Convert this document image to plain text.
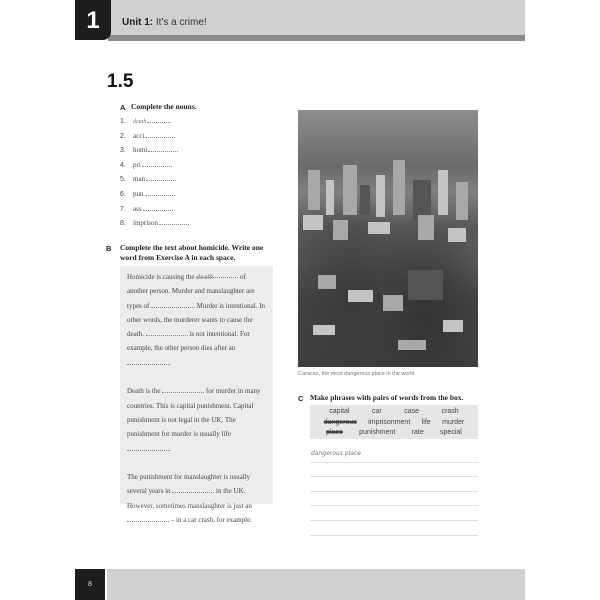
1	Unit 1: It's a crime!
1.5
A Complete the nouns.
1.	death
2.	acci
3.	homi
4.	pri
5.	man
6.	pun
7.	ass
8.	imprison
B Complete the text about homicide. Write one word from Exercise A in each space.

Homicide is causing the death	of another person. Murder and manslaughter are types of	. Murder is intentional. In other words, the murderer wants to cause the death.	is not intentional. For example, the other person dies after an .

Death is the	for murder in many countries. This is capital punishment. Capital punishment is not legal in the UK. The punishment for murder is usually life .

The punishment for manslaughter is usually several years in	in the UK. However, sometimes manslaughter is just an  – in a car crash, for example.

Caracas, the most dangerous place in the world
C Make phrases with pairs of words from the box.
capital	car	case	crash
dangerous imprisonment life murder
place punishment rate special
dangerous place
8
